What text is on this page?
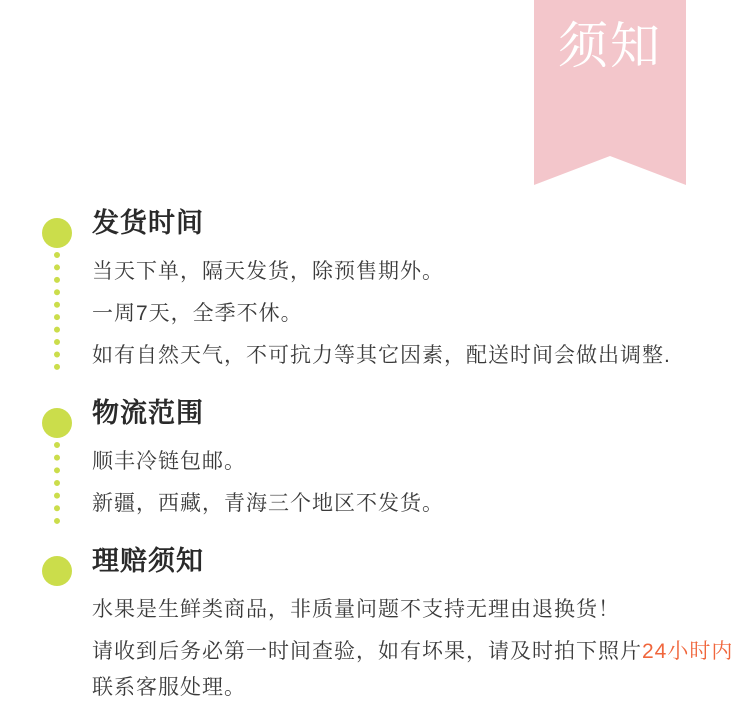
须知
发货时间

当天下单，隔天发货，除预售期外。

一周7天，全季不休。

如有自然天气，不可抗力等其它因素，配送时间会做出调整.

物流范围

顺丰冷链包邮。

新疆，西藏，青海三个地区不发货。

理赔须知

水果是生鲜类商品，非质量问题不支持无理由退换货！

请收到后务必第一时间查验，如有坏果，请及时拍下照片24小时内联系客服处理。
